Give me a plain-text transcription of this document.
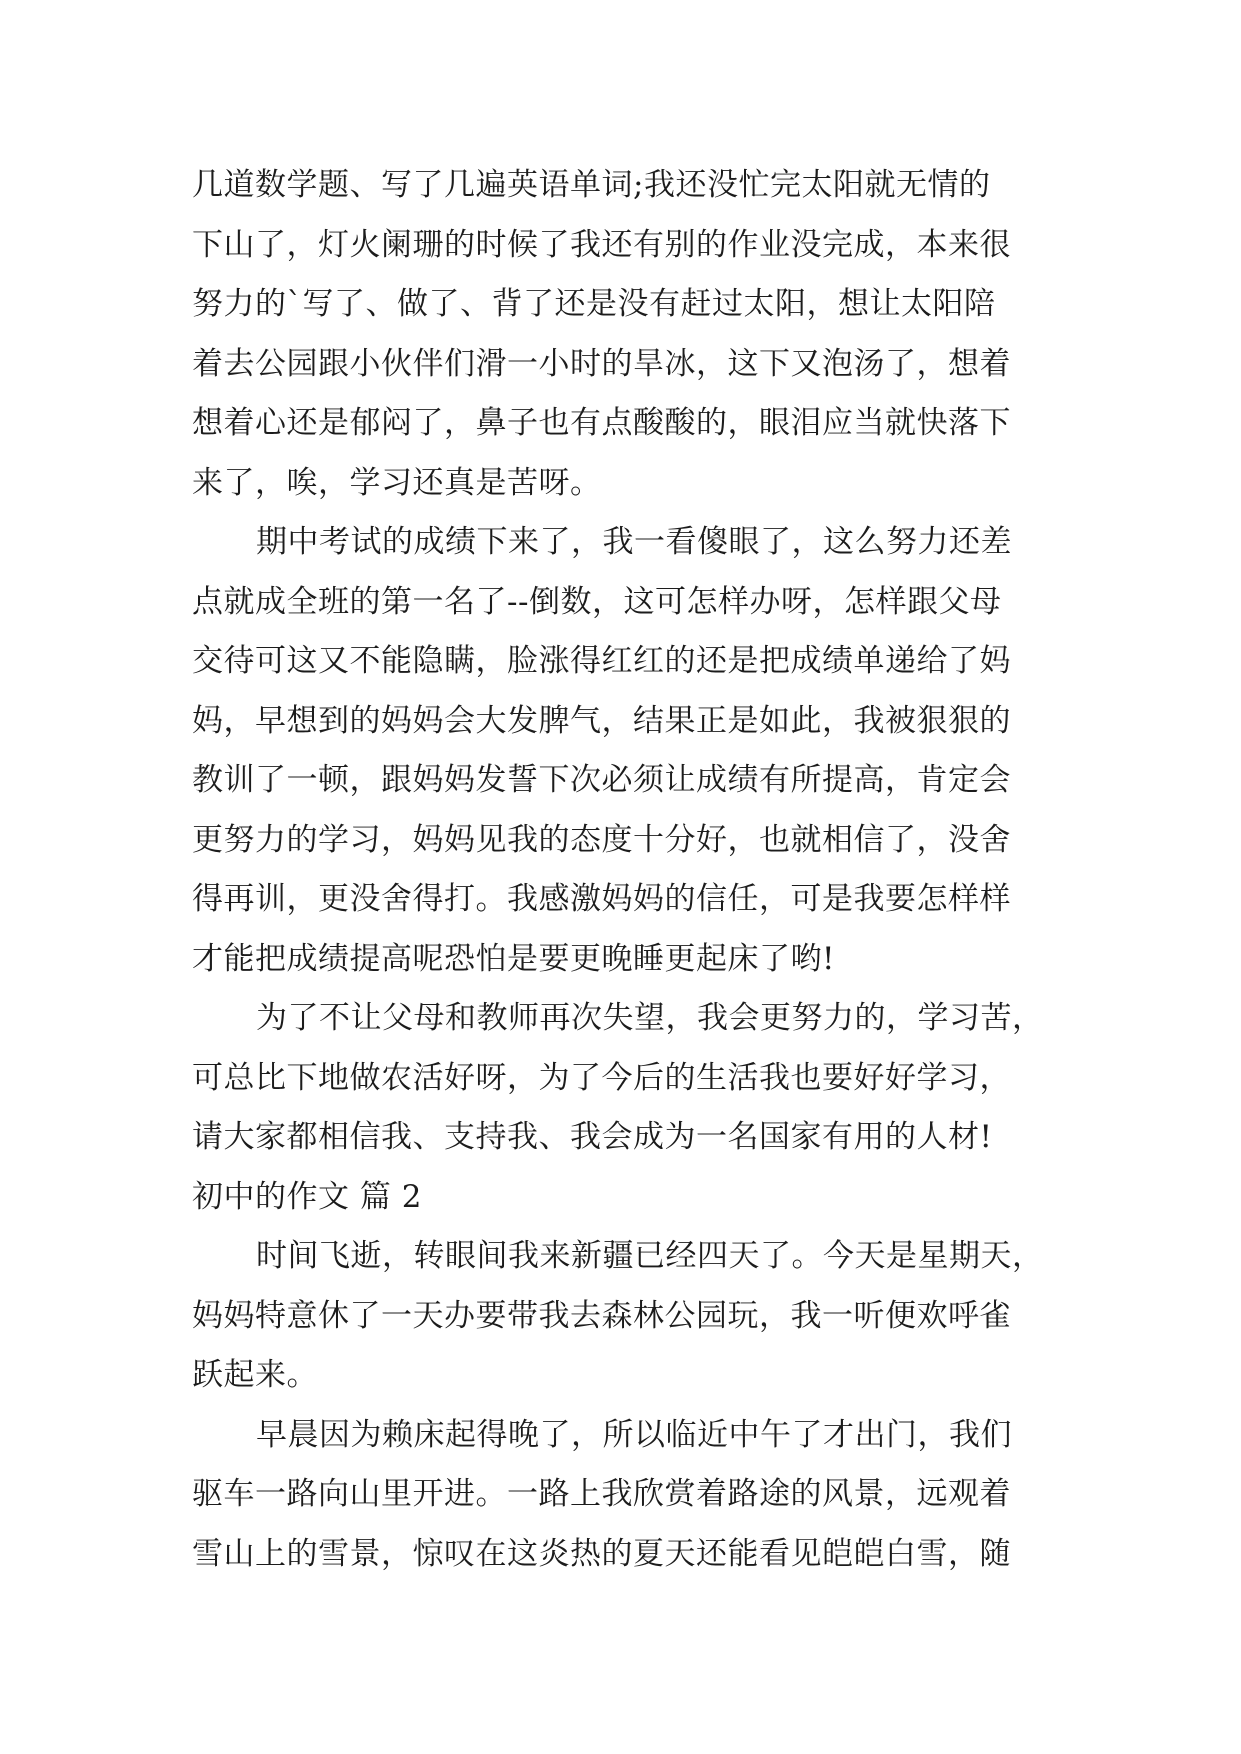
几道数学题、写了几遍英语单词;我还没忙完太阳就无情的
下山了，灯火阑珊的时候了我还有别的作业没完成，本来很
努力的`写了、做了、背了还是没有赶过太阳，想让太阳陪
着去公园跟小伙伴们滑一小时的旱冰，这下又泡汤了，想着
想着心还是郁闷了，鼻子也有点酸酸的，眼泪应当就快落下
来了，唉，学习还真是苦呀。
期中考试的成绩下来了，我一看傻眼了，这么努力还差
点就成全班的第一名了--倒数，这可怎样办呀，怎样跟父母
交待可这又不能隐瞒，脸涨得红红的还是把成绩单递给了妈
妈，早想到的妈妈会大发脾气，结果正是如此，我被狠狠的
教训了一顿，跟妈妈发誓下次必须让成绩有所提高，肯定会
更努力的学习，妈妈见我的态度十分好，也就相信了，没舍
得再训，更没舍得打。我感激妈妈的信任，可是我要怎样样
才能把成绩提高呢恐怕是要更晚睡更起床了哟!
为了不让父母和教师再次失望，我会更努力的，学习苦，
可总比下地做农活好呀，为了今后的生活我也要好好学习，
请大家都相信我、支持我、我会成为一名国家有用的人材!
初中的作文 篇 2
时间飞逝，转眼间我来新疆已经四天了。今天是星期天，
妈妈特意休了一天办要带我去森林公园玩，我一听便欢呼雀
跃起来。
早晨因为赖床起得晚了，所以临近中午了才出门，我们
驱车一路向山里开进。一路上我欣赏着路途的风景，远观着
雪山上的雪景，惊叹在这炎热的夏天还能看见皑皑白雪，随
